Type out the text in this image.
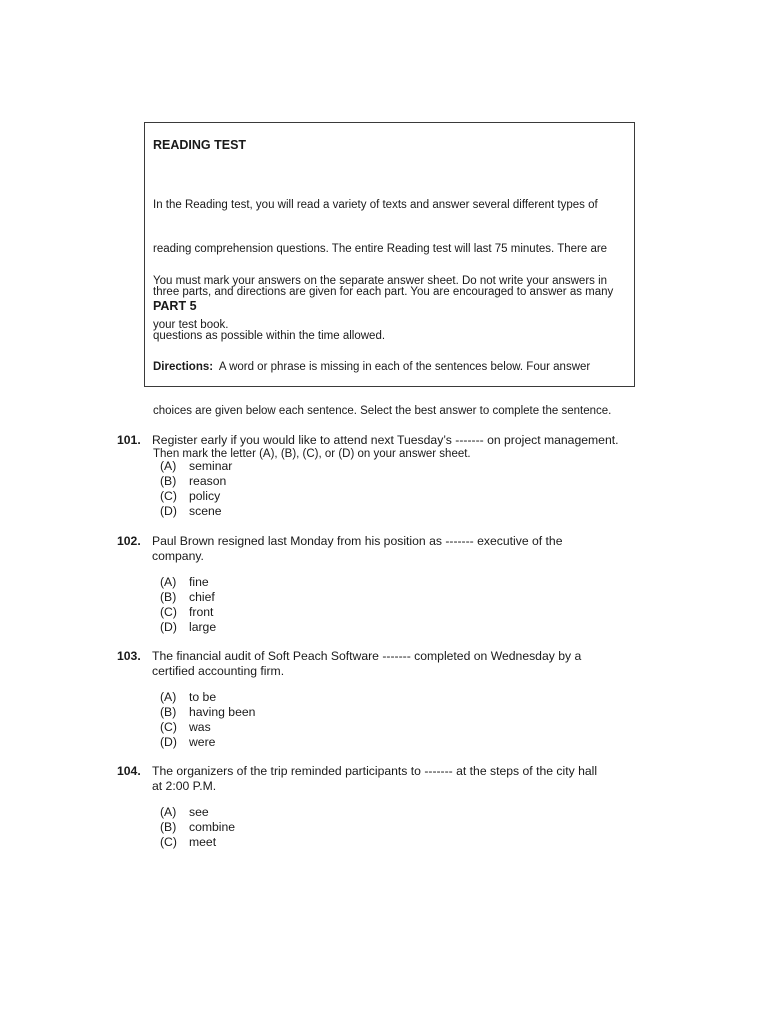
READING TEST

In the Reading test, you will read a variety of texts and answer several different types of

reading comprehension questions. The entire Reading test will last 75 minutes. There are

three parts, and directions are given for each part. You are encouraged to answer as many

questions as possible within the time allowed.

You must mark your answers on the separate answer sheet. Do not write your answers in

your test book.

PART 5

Directions:  A word or phrase is missing in each of the sentences below. Four answer

choices are given below each sentence. Select the best answer to complete the sentence.

Then mark the letter (A), (B), (C), or (D) on your answer sheet.

101. Register early if you would like to attend next Tuesday’s ------- on project management.
(A) seminar
(B) reason
(C) policy
(D) scene
102. Paul Brown resigned last Monday from his position as ------- executive of the
company.
(A) fine
(B) chief
(C) front
(D) large
103. The financial audit of Soft Peach Software ------- completed on Wednesday by a
certified accounting firm.
(A) to be
(B) having been
(C) was
(D) were
104. The organizers of the trip reminded participants to ------- at the steps of the city hall
at 2:00 P.M.
(A) see
(B) combine
(C) meet
